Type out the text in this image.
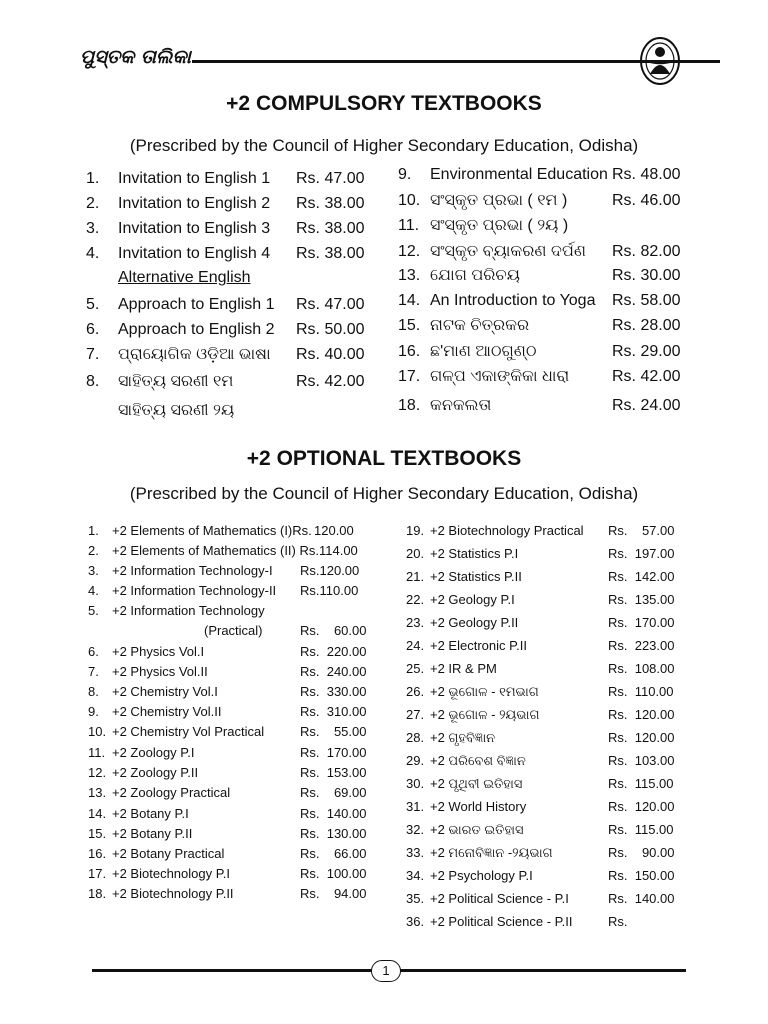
ପୁସ୍ତକ ତାଲିକା
+2 COMPULSORY TEXTBOOKS
(Prescribed by the Council of Higher Secondary Education, Odisha)
1. Invitation to English 1 Rs. 47.00
2. Invitation to English 2 Rs. 38.00
3. Invitation to English 3 Rs. 38.00
4. Invitation to English 4 Rs. 38.00
Alternative English
5. Approach to English 1 Rs. 47.00
6. Approach to English 2 Rs. 50.00
7. ପ୍ରାୟୋଗିକ ଓଡ଼ିଆ ଭାଷା Rs. 40.00
8. ସାହିତ୍ୟ ସରଣୀ ୧ମ	Rs. 42.00
ସାହିତ୍ୟ ସରଣୀ ୨ୟ
9. Environmental Education Rs. 48.00
10. ସଂସ୍କୃତ ପ୍ରଭା ( ୧ମ )	Rs. 46.00
11. ସଂସ୍କୃତ ପ୍ରଭା ( ୨ୟ )
12. ସଂସ୍କୃତ ବ୍ୟାକରଣ ଦର୍ପଣ Rs. 82.00
13. ଯୋଗ ପରିଚୟ	Rs. 30.00
14. An Introduction to Yoga Rs. 58.00
15. ନାଟକ ଚିତ୍ରକର	Rs. 28.00
16. ଛ'ମାଣ ଆଠଗୁଣ୍ଠ	Rs. 29.00
17. ଗଳ୍ପ ଏକାଙ୍କିକା ଧାରା	Rs. 42.00
18. କନକଲତା	Rs. 24.00
+2 OPTIONAL TEXTBOOKS
(Prescribed by the Council of Higher Secondary Education, Odisha)
1. +2 Elements of Mathematics (I)Rs. 120.00
2. +2 Elements of Mathematics (II) Rs.114.00
3. +2 Information Technology-I Rs.120.00
4. +2 Information Technology-II Rs.110.00
5. +2 Information Technology
(Practical)	Rs.    60.00
6. +2 Physics Vol.I	Rs.  220.00
7. +2 Physics Vol.II	Rs.  240.00
8. +2 Chemistry Vol.I	Rs.  330.00
9. +2 Chemistry Vol.II	Rs.  310.00
10. +2 Chemistry Vol Practical	Rs.    55.00
11. +2 Zoology P.I	Rs.  170.00
12. +2 Zoology P.II	Rs.  153.00
13. +2 Zoology Practical	Rs.    69.00
14. +2 Botany P.I	Rs.  140.00
15. +2 Botany P.II	Rs.  130.00
16. +2 Botany Practical	Rs.    66.00
17. +2 Biotechnology P.I	Rs.  100.00
18. +2 Biotechnology P.II	Rs.    94.00
19. +2 Biotechnology Practical Rs.    57.00
20. +2 Statistics P.I	Rs.  197.00
21. +2 Statistics P.II	Rs.  142.00
22. +2 Geology P.I	Rs.  135.00
23. +2 Geology P.II	Rs.  170.00
24. +2 Electronic P.II	Rs.  223.00
25. +2 IR & PM	Rs.  108.00
26. +2 ଭୂଗୋଳ - ୧ମଭାଗ	Rs.  110.00
27. +2 ଭୂଗୋଳ - ୨ୟଭାଗ	Rs.  120.00
28. +2 ଗୃହବିଜ୍ଞାନ	Rs.  120.00
29. +2 ପରିବେଶ ବିଜ୍ଞାନ	Rs.  103.00
30. +2 ପୃଥିବୀ ଇତିହାସ	Rs.  115.00
31. +2 World History	Rs.  120.00
32. +2 ଭାରତ ଇତିହାସ	Rs.  115.00
33. +2 ମନୋବିଜ୍ଞାନ -୨ୟଭାଗ	Rs.    90.00
34. +2 Psychology P.I	Rs.  150.00
35. +2 Political Science - P.I	Rs.  140.00
36. +2 Political Science - P.II	Rs.
1
